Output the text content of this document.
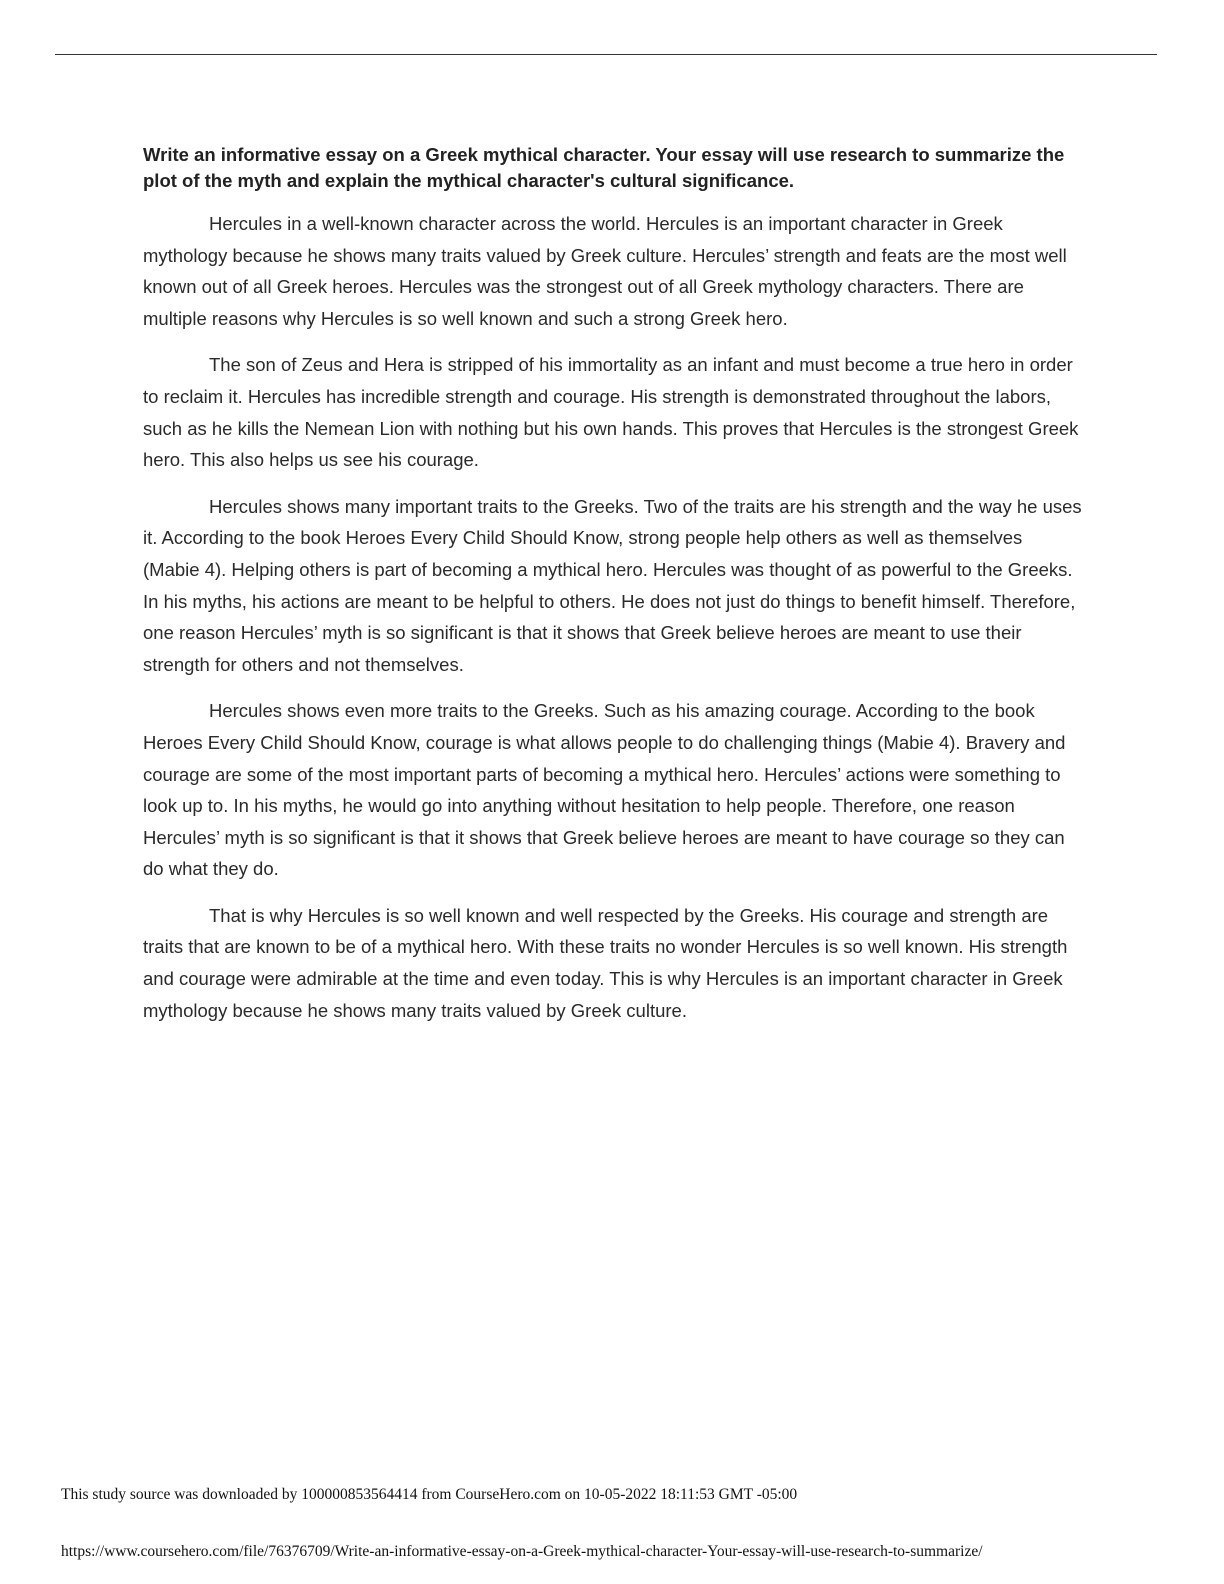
Write an informative essay on a Greek mythical character. Your essay will use research to summarize the plot of the myth and explain the mythical character's cultural significance.

Hercules in a well-known character across the world. Hercules is an important character in Greek mythology because he shows many traits valued by Greek culture. Hercules’ strength and feats are the most well known out of all Greek heroes. Hercules was the strongest out of all Greek mythology characters. There are multiple reasons why Hercules is so well known and such a strong Greek hero.

The son of Zeus and Hera is stripped of his immortality as an infant and must become a true hero in order to reclaim it. Hercules has incredible strength and courage. His strength is demonstrated throughout the labors, such as he kills the Nemean Lion with nothing but his own hands. This proves that Hercules is the strongest Greek hero. This also helps us see his courage.

Hercules shows many important traits to the Greeks. Two of the traits are his strength and the way he uses it. According to the book Heroes Every Child Should Know, strong people help others as well as themselves (Mabie 4). Helping others is part of becoming a mythical hero. Hercules was thought of as powerful to the Greeks. In his myths, his actions are meant to be helpful to others. He does not just do things to benefit himself. Therefore, one reason Hercules’ myth is so significant is that it shows that Greek believe heroes are meant to use their strength for others and not themselves.

Hercules shows even more traits to the Greeks. Such as his amazing courage. According to the book Heroes Every Child Should Know, courage is what allows people to do challenging things (Mabie 4). Bravery and courage are some of the most important parts of becoming a mythical hero. Hercules’ actions were something to look up to. In his myths, he would go into anything without hesitation to help people. Therefore, one reason Hercules’ myth is so significant is that it shows that Greek believe heroes are meant to have courage so they can do what they do.

That is why Hercules is so well known and well respected by the Greeks. His courage and strength are traits that are known to be of a mythical hero. With these traits no wonder Hercules is so well known. His strength and courage were admirable at the time and even today. This is why Hercules is an important character in Greek mythology because he shows many traits valued by Greek culture.

This study source was downloaded by 100000853564414 from CourseHero.com on 10-05-2022 18:11:53 GMT -05:00
https://www.coursehero.com/file/76376709/Write-an-informative-essay-on-a-Greek-mythical-character-Your-essay-will-use-research-to-summarize/
